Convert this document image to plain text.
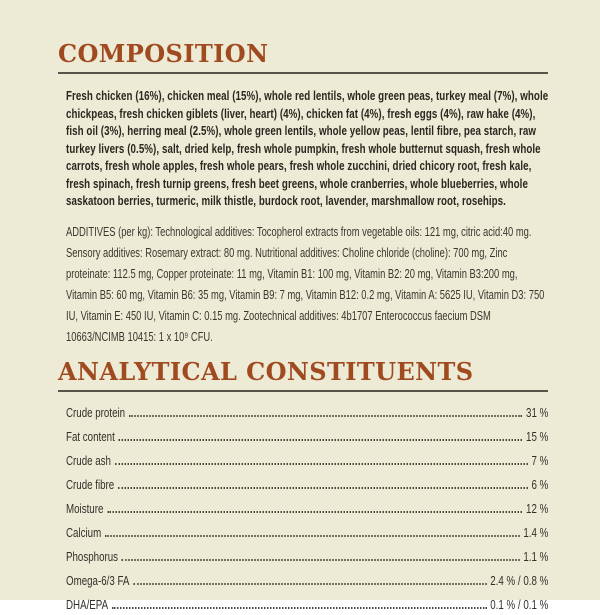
COMPOSITION

Fresh chicken (16%), chicken meal (15%), whole red lentils, whole green peas, turkey meal (7%), whole chickpeas, fresh chicken giblets (liver, heart) (4%), chicken fat (4%), fresh eggs (4%), raw hake (4%), fish oil (3%), herring meal (2.5%), whole green lentils, whole yellow peas, lentil fibre, pea starch, raw turkey livers (0.5%), salt, dried kelp, fresh whole pumpkin, fresh whole butternut squash, fresh whole carrots, fresh whole apples, fresh whole pears, fresh whole zucchini, dried chicory root, fresh kale, fresh spinach, fresh turnip greens, fresh beet greens, whole cranberries, whole blueberries, whole saskatoon berries, turmeric, milk thistle, burdock root, lavender, marshmallow root, rosehips.

ADDITIVES (per kg): Technological additives: Tocopherol extracts from vegetable oils: 121 mg, citric acid:40 mg. Sensory additives: Rosemary extract: 80 mg. Nutritional additives: Choline chloride (choline): 700 mg, Zinc proteinate: 112.5 mg, Copper proteinate: 11 mg, Vitamin B1: 100 mg, Vitamin B2: 20 mg, Vitamin B3:200 mg, Vitamin B5: 60 mg, Vitamin B6: 35 mg, Vitamin B9: 7 mg, Vitamin B12: 0.2 mg, Vitamin A: 5625 IU, Vitamin D3: 750 IU, Vitamin E: 450 IU, Vitamin C: 0.15 mg. Zootechnical additives: 4b1707 Enterococcus faecium DSM 10663/NCIMB 10415: 1 x 10⁹ CFU.

ANALYTICAL CONSTITUENTS
Crude protein	31 %
Fat content	15 %
Crude ash	7 %
Crude fibre	6 %
Moisture	12 %
Calcium	1.4 %
Phosphorus	1.1 %
Omega-6/3 FA	2.4 % / 0.8 %
DHA/EPA	0.1 % / 0.1 %
